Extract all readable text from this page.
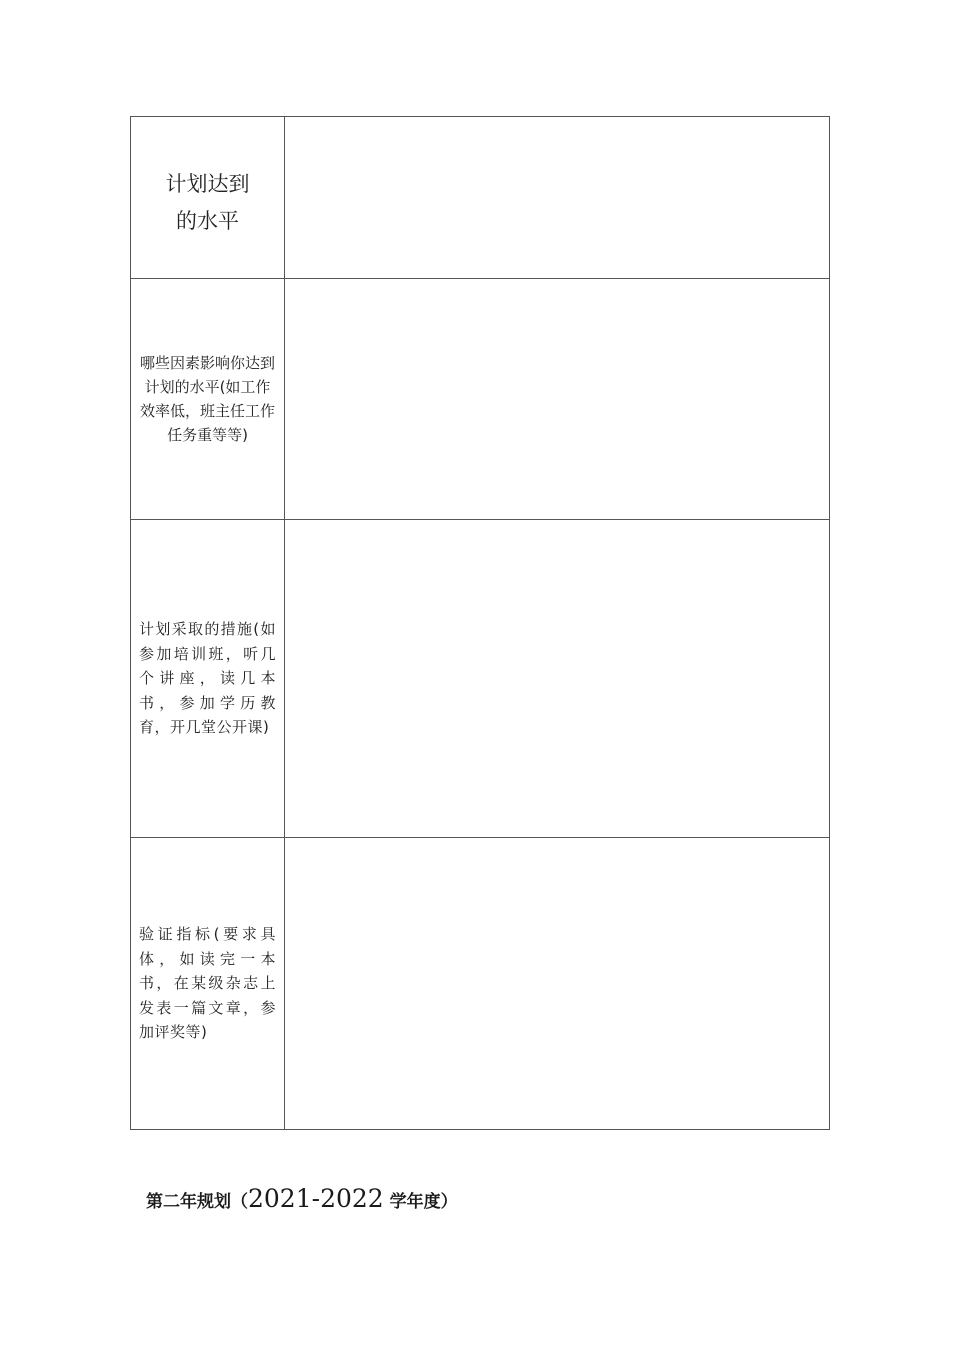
计划达到
的水平	

哪些因素影响你达到计划的水平(如工作效率低，班主任工作任务重等等)	

计划采取的措施(如参加培训班，听几个讲座，读几本书，参加学历教育，开几堂公开课)	

验证指标(要求具体，如读完一本书，在某级杂志上发表一篇文章，参加评奖等)	

第二年规划（2021-2022 学年度）
